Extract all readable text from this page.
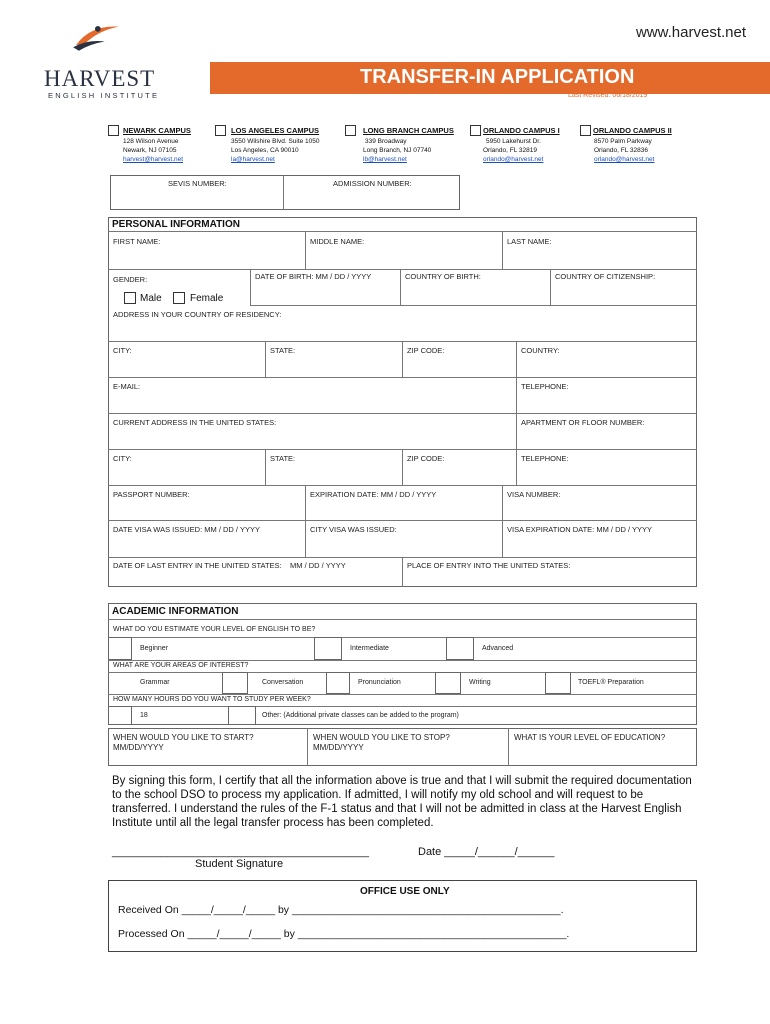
www.harvest.net
HARVEST
ENGLISH INSTITUTE
TRANSFER-IN APPLICATION
Last Revised: 06/18/2019
NEWARK CAMPUS
128 Wilson Avenue
Newark, NJ 07105
harvest@harvest.net
LOS ANGELES CAMPUS
3550 Wilshire Blvd. Suite 1050
Los Angeles, CA 90010
la@harvest.net
LONG BRANCH CAMPUS
339 Broadway
Long Branch, NJ 07740
lb@harvest.net
ORLANDO CAMPUS I
5950 Lakehurst Dr.
Orlando, FL 32819
orlando@harvest.net
ORLANDO CAMPUS II
8570 Palm Parkway
Orlando, FL 32836
orlando@harvest.net
SEVIS NUMBER:	ADMISSION NUMBER:
PERSONAL INFORMATION
FIRST NAME:	MIDDLE NAME:	LAST NAME:
GENDER:	DATE OF BIRTH: MM / DD / YYYY	COUNTRY OF BIRTH:	COUNTRY OF CITIZENSHIP:
Male	Female
ADDRESS IN YOUR COUNTRY OF RESIDENCY:
CITY:	STATE:	ZIP CODE:	COUNTRY:
E-MAIL:	TELEPHONE:
CURRENT ADDRESS IN THE UNITED STATES:	APARTMENT OR FLOOR NUMBER:
CITY:	STATE:	ZIP CODE:	TELEPHONE:
PASSPORT NUMBER:	EXPIRATION DATE: MM / DD / YYYY	VISA NUMBER:
DATE VISA WAS ISSUED: MM / DD / YYYY	CITY VISA WAS ISSUED:	VISA EXPIRATION DATE: MM / DD / YYYY
DATE OF LAST ENTRY IN THE UNITED STATES: MM / DD / YYYY	PLACE OF ENTRY INTO THE UNITED STATES:
ACADEMIC INFORMATION
WHAT DO YOU ESTIMATE YOUR LEVEL OF ENGLISH TO BE?
Beginner	Intermediate	Advanced
WHAT ARE YOUR AREAS OF INTEREST?
Grammar	Conversation	Pronunciation	Writing	TOEFL® Preparation
HOW MANY HOURS DO YOU WANT TO STUDY PER WEEK?
18	Other: (Additional private classes can be added to the program)
WHEN WOULD YOU LIKE TO START?
MM/DD/YYYY
WHEN WOULD YOU LIKE TO STOP?
MM/DD/YYYY
WHAT IS YOUR LEVEL OF EDUCATION?
By signing this form, I certify that all the information above is true and that I will submit the required documentation to the school DSO to process my application. If admitted, I will notify my old school and will request to be transferred. I understand the rules of the F-1 status and that I will not be admitted in class at the Harvest English Institute until all the legal transfer process has been completed.
__________________________________________
Student Signature
Date _____/______/______
OFFICE USE ONLY
Received On _____/_____/_____ by ______________________________________________.
Processed On _____/_____/_____ by ______________________________________________.
